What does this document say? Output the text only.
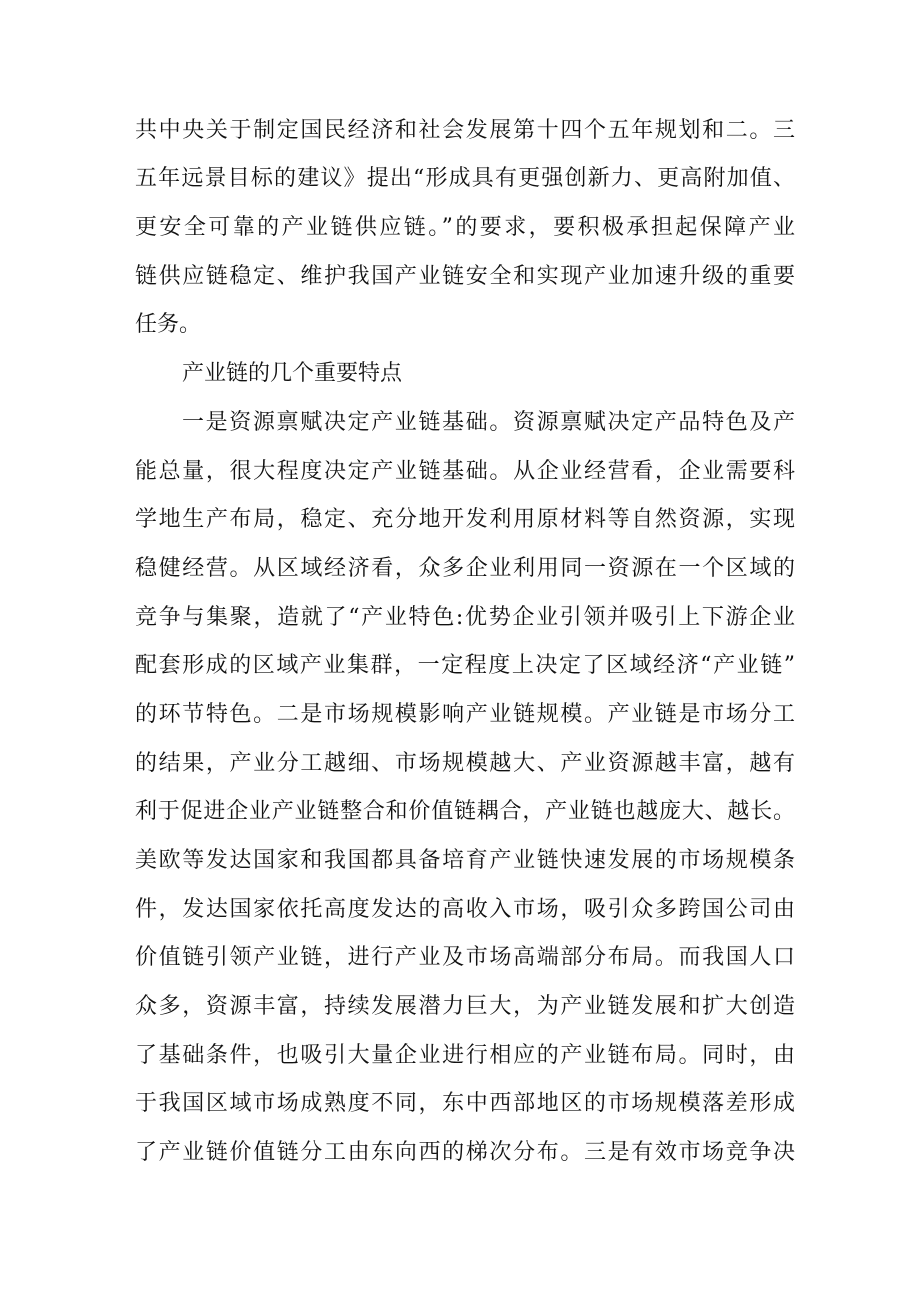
共中央关于制定国民经济和社会发展第十四个五年规划和二。三
五年远景目标的建议》提出“形成具有更强创新力、更高附加值、
更安全可靠的产业链供应链。”的要求，要积极承担起保障产业
链供应链稳定、维护我国产业链安全和实现产业加速升级的重要
任务。
产业链的几个重要特点
一是资源禀赋决定产业链基础。资源禀赋决定产品特色及产
能总量，很大程度决定产业链基础。从企业经营看，企业需要科
学地生产布局，稳定、充分地开发利用原材料等自然资源，实现
稳健经营。从区域经济看，众多企业利用同一资源在一个区域的
竞争与集聚，造就了“产业特色:优势企业引领并吸引上下游企业
配套形成的区域产业集群，一定程度上决定了区域经济“产业链”
的环节特色。二是市场规模影响产业链规模。产业链是市场分工
的结果，产业分工越细、市场规模越大、产业资源越丰富，越有
利于促进企业产业链整合和价值链耦合，产业链也越庞大、越长。
美欧等发达国家和我国都具备培育产业链快速发展的市场规模条
件，发达国家依托高度发达的高收入市场，吸引众多跨国公司由
价值链引领产业链，进行产业及市场高端部分布局。而我国人口
众多，资源丰富，持续发展潜力巨大，为产业链发展和扩大创造
了基础条件，也吸引大量企业进行相应的产业链布局。同时，由
于我国区域市场成熟度不同，东中西部地区的市场规模落差形成
了产业链价值链分工由东向西的梯次分布。三是有效市场竞争决
